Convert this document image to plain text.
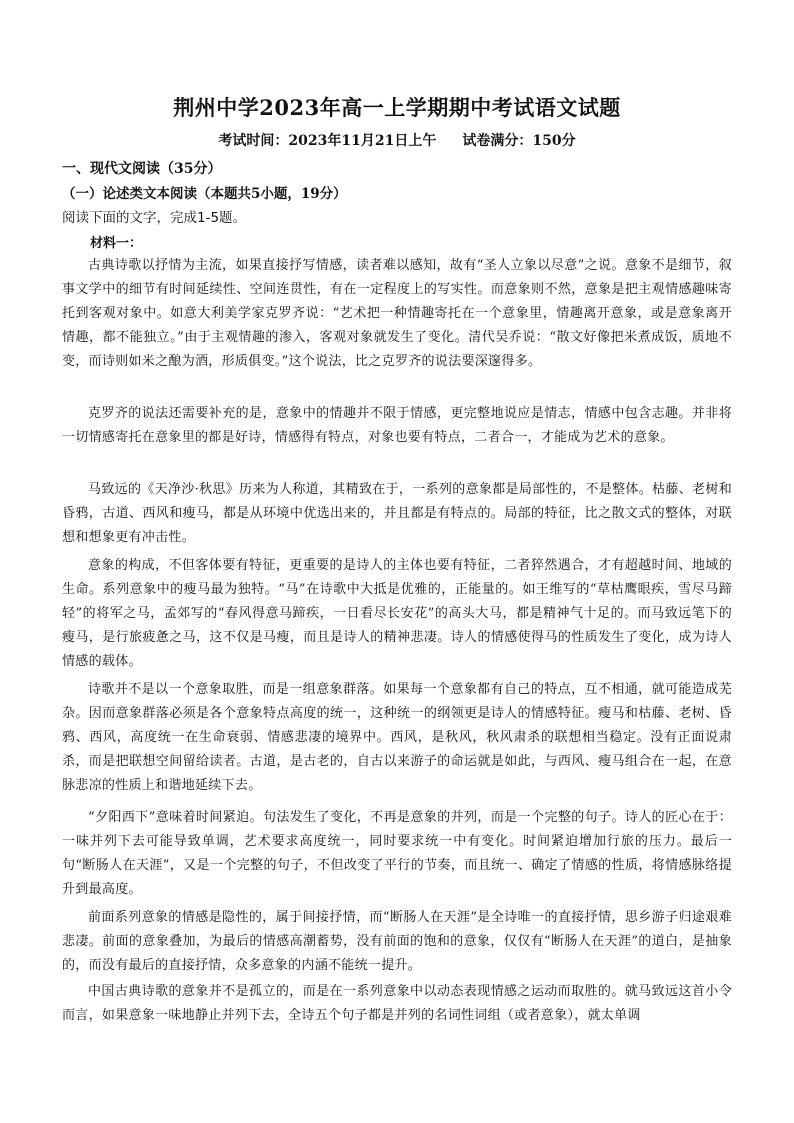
荆州中学2023年高一上学期期中考试语文试题
考试时间：2023年11月21日上午 试卷满分：150分
一、现代文阅读（35分）
（一）论述类文本阅读（本题共5小题，19分）
阅读下面的文字，完成1-5题。
材料一：
古典诗歌以抒情为主流，如果直接抒写情感，读者难以感知，故有“圣人立象以尽意”之说。意象不是细节，叙事文学中的细节有时间延续性、空间连贯性，有在一定程度上的写实性。而意象则不然，意象是把主观情感趣味寄托到客观对象中。如意大利美学家克罗齐说：“艺术把一种情趣寄托在一个意象里，情趣离开意象，或是意象离开情趣，都不能独立。”由于主观情趣的渗入，客观对象就发生了变化。清代吴乔说：“散文好像把米煮成饭，质地不变，而诗则如米之酿为酒，形质俱变。”这个说法，比之克罗齐的说法要深邃得多。
克罗齐的说法还需要补充的是，意象中的情趣并不限于情感，更完整地说应是情志，情感中包含志趣。并非将一切情感寄托在意象里的都是好诗，情感得有特点，对象也要有特点，二者合一，才能成为艺术的意象。
马致远的《天净沙·秋思》历来为人称道，其精致在于，一系列的意象都是局部性的，不是整体。枯藤、老树和昏鸦，古道、西风和瘦马，都是从环境中优选出来的，并且都是有特点的。局部的特征，比之散文式的整体，对联想和想象更有冲击性。
意象的构成，不但客体要有特征，更重要的是诗人的主体也要有特征，二者猝然遇合，才有超越时间、地域的生命。系列意象中的瘦马最为独特。“马”在诗歌中大抵是优雅的，正能量的。如王维写的“草枯鹰眼疾，雪尽马蹄轻”的将军之马，孟郊写的“春风得意马蹄疾，一日看尽长安花”的高头大马，都是精神气十足的。而马致远笔下的瘦马，是行旅疲惫之马，这不仅是马瘦，而且是诗人的精神悲凄。诗人的情感使得马的性质发生了变化，成为诗人情感的载体。
诗歌并不是以一个意象取胜，而是一组意象群落。如果每一个意象都有自己的特点，互不相通，就可能造成芜杂。因而意象群落必须是各个意象特点高度的统一，这种统一的纲领更是诗人的情感特征。瘦马和枯藤、老树、昏鸦、西风，高度统一在生命衰弱、情感悲凄的境界中。西风，是秋风，秋风肃杀的联想相当稳定。没有正面说肃杀，而是把联想空间留给读者。古道，是古老的，自古以来游子的命运就是如此，与西风、瘦马组合在一起，在意脉悲凉的性质上和谐地延续下去。
“夕阳西下”意味着时间紧迫。句法发生了变化，不再是意象的并列，而是一个完整的句子。诗人的匠心在于：一味并列下去可能导致单调，艺术要求高度统一，同时要求统一中有变化。时间紧迫增加行旅的压力。最后一句“断肠人在天涯”，又是一个完整的句子，不但改变了平行的节奏，而且统一、确定了情感的性质，将情感脉络提升到最高度。
前面系列意象的情感是隐性的，属于间接抒情，而“断肠人在天涯”是全诗唯一的直接抒情，思乡游子归途艰难悲凄。前面的意象叠加，为最后的情感高潮蓄势，没有前面的饱和的意象，仅仅有“断肠人在天涯”的道白，是抽象的，而没有最后的直接抒情，众多意象的内涵不能统一提升。
中国古典诗歌的意象并不是孤立的，而是在一系列意象中以动态表现情感之运动而取胜的。就马致远这首小令而言，如果意象一味地静止并列下去，全诗五个句子都是并列的名词性词组（或者意象），就太单调
